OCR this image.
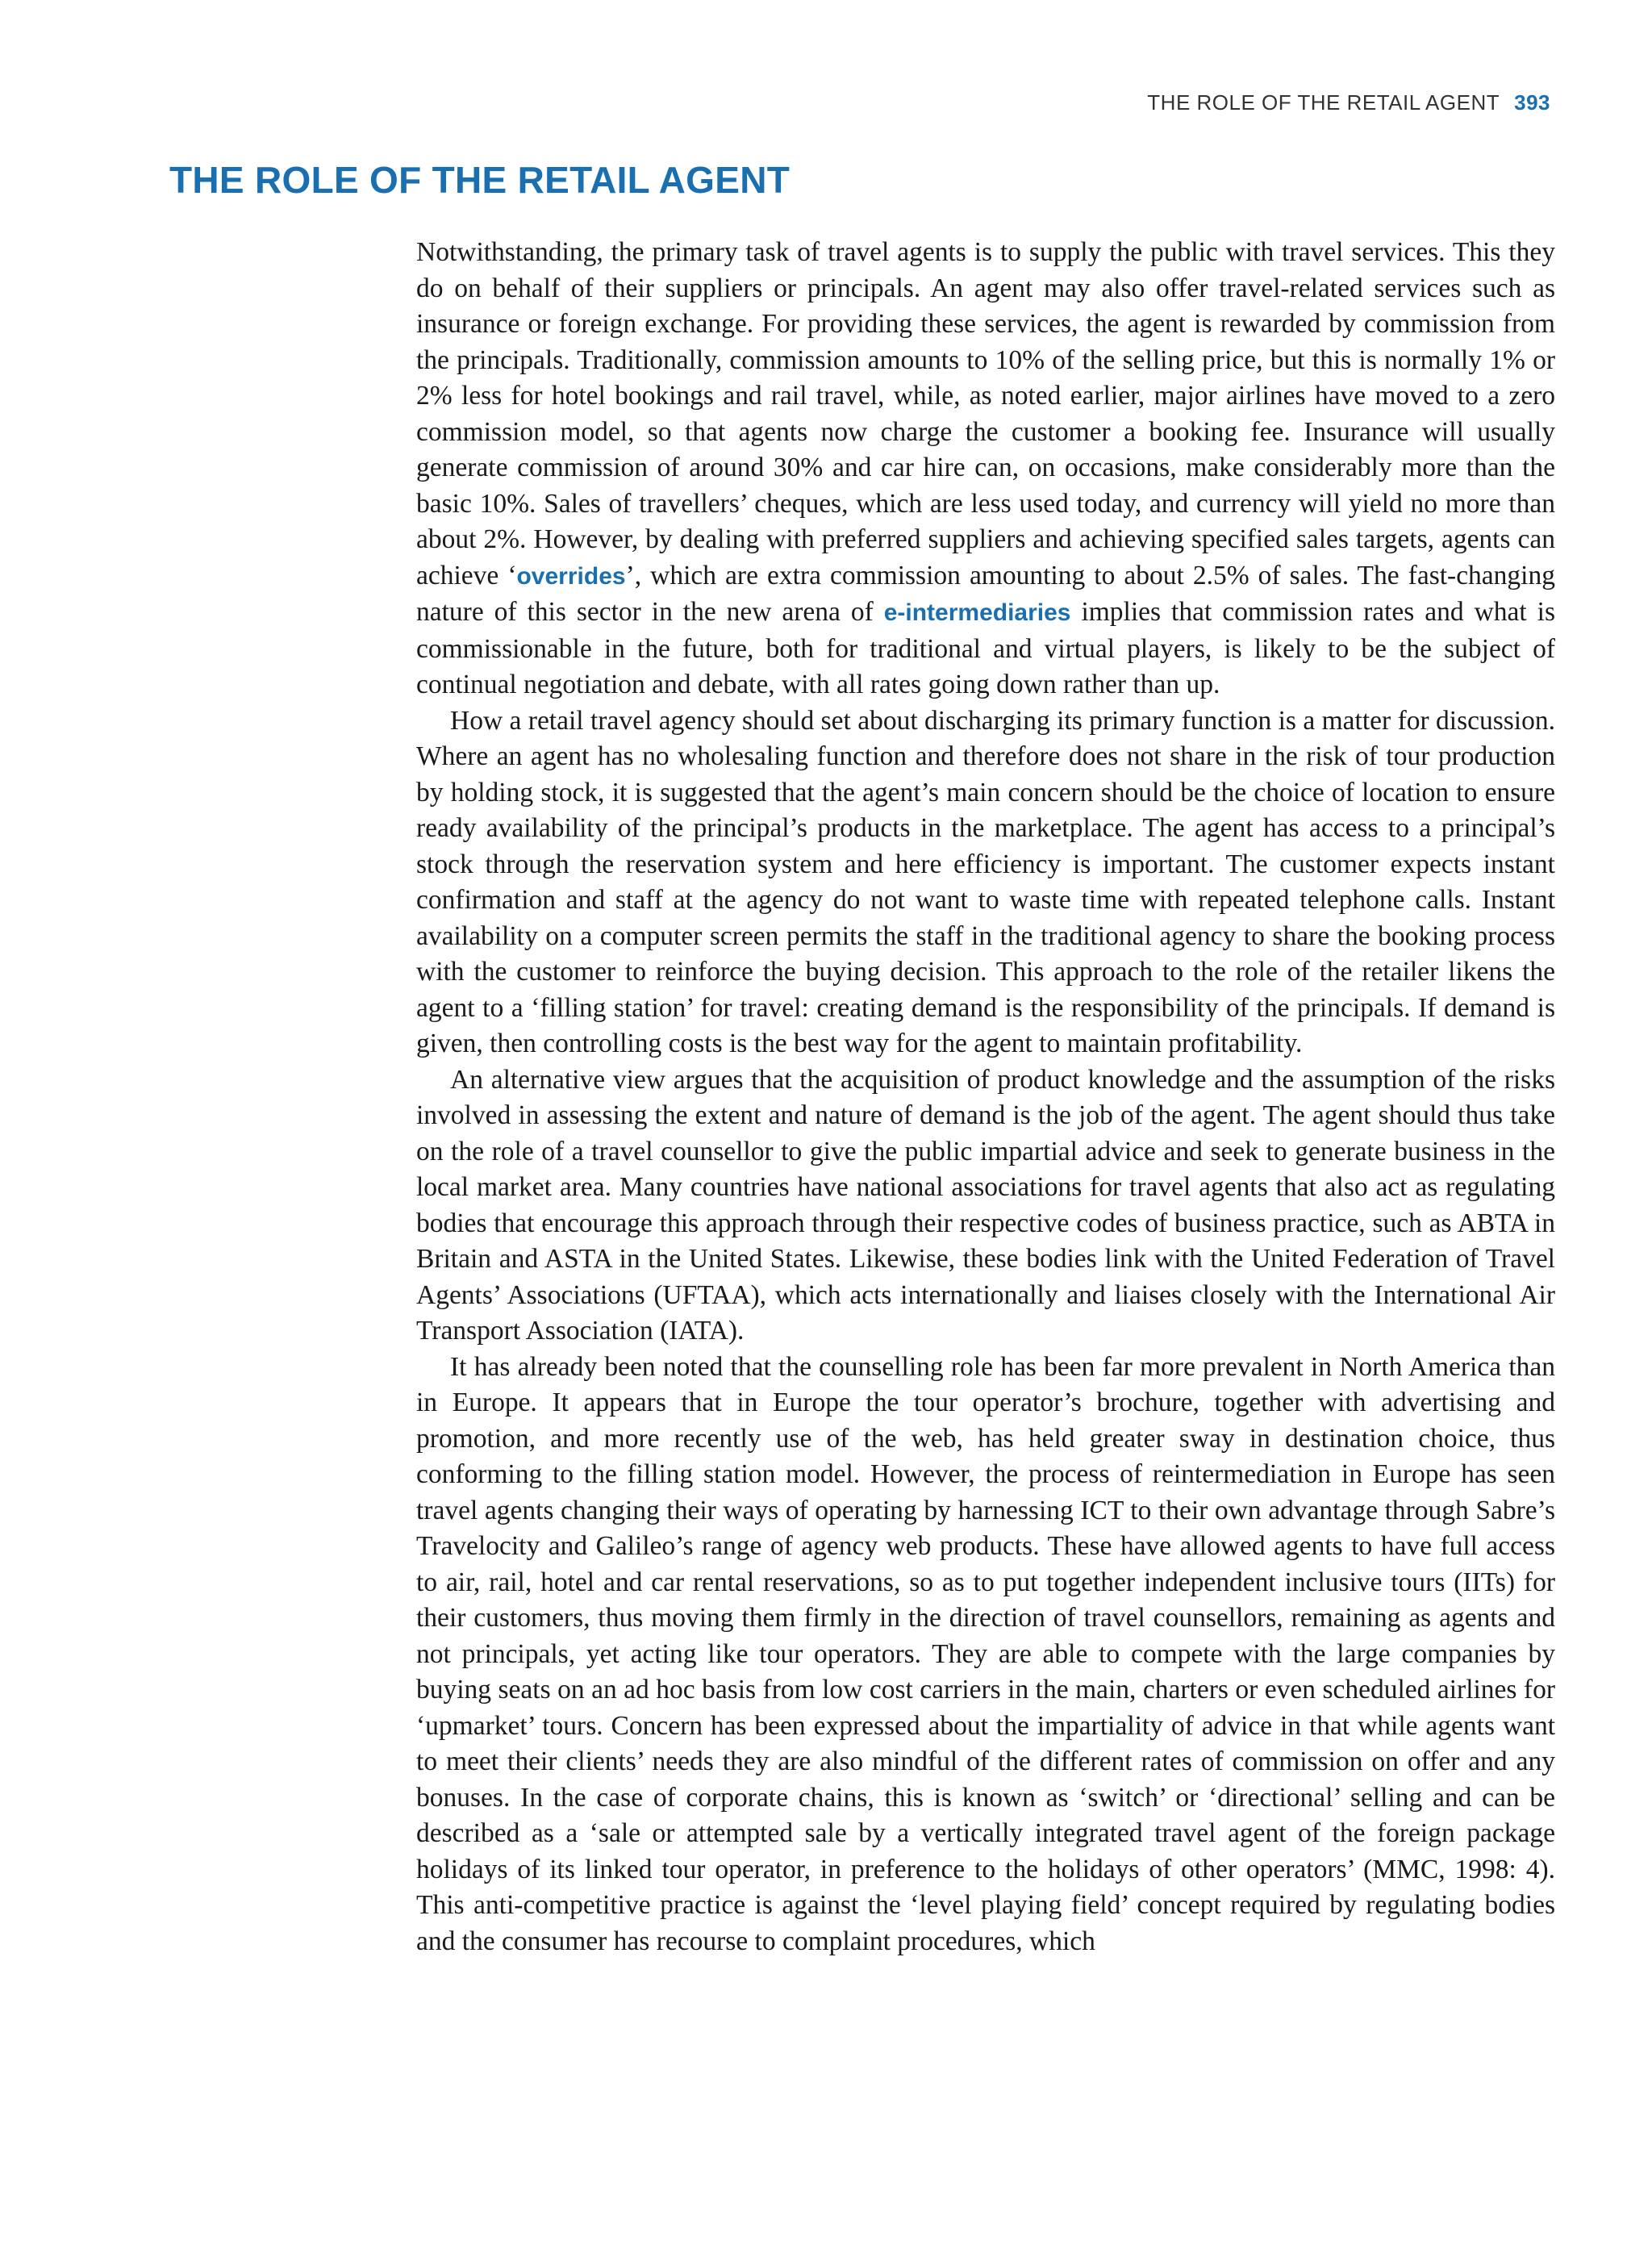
THE ROLE OF THE RETAIL AGENT 393
THE ROLE OF THE RETAIL AGENT

Notwithstanding, the primary task of travel agents is to supply the public with travel services. This they do on behalf of their suppliers or principals. An agent may also offer travel-related services such as insurance or foreign exchange. For providing these services, the agent is rewarded by commission from the principals. Traditionally, commission amounts to 10% of the selling price, but this is normally 1% or 2% less for hotel bookings and rail travel, while, as noted earlier, major airlines have moved to a zero commission model, so that agents now charge the customer a booking fee. Insurance will usually generate commission of around 30% and car hire can, on occasions, make considerably more than the basic 10%. Sales of travellers’ cheques, which are less used today, and currency will yield no more than about 2%. However, by dealing with preferred suppliers and achieving specified sales targets, agents can achieve ‘overrides’, which are extra commission amounting to about 2.5% of sales. The fast-changing nature of this sector in the new arena of e-intermediaries implies that commission rates and what is commissionable in the future, both for traditional and virtual players, is likely to be the subject of continual negotiation and debate, with all rates going down rather than up.

How a retail travel agency should set about discharging its primary function is a matter for discussion. Where an agent has no wholesaling function and therefore does not share in the risk of tour production by holding stock, it is suggested that the agent’s main concern should be the choice of location to ensure ready availability of the principal’s products in the marketplace. The agent has access to a principal’s stock through the reservation system and here efficiency is important. The customer expects instant confirmation and staff at the agency do not want to waste time with repeated telephone calls. Instant availability on a computer screen permits the staff in the traditional agency to share the booking process with the customer to reinforce the buying decision. This approach to the role of the retailer likens the agent to a ‘filling station’ for travel: creating demand is the responsibility of the principals. If demand is given, then controlling costs is the best way for the agent to maintain profitability.

An alternative view argues that the acquisition of product knowledge and the assumption of the risks involved in assessing the extent and nature of demand is the job of the agent. The agent should thus take on the role of a travel counsellor to give the public impartial advice and seek to generate business in the local market area. Many countries have national associations for travel agents that also act as regulating bodies that encourage this approach through their respective codes of business practice, such as ABTA in Britain and ASTA in the United States. Likewise, these bodies link with the United Federation of Travel Agents’ Associations (UFTAA), which acts internationally and liaises closely with the International Air Transport Association (IATA).

It has already been noted that the counselling role has been far more prevalent in North America than in Europe. It appears that in Europe the tour operator’s brochure, together with advertising and promotion, and more recently use of the web, has held greater sway in destination choice, thus conforming to the filling station model. However, the process of reintermediation in Europe has seen travel agents changing their ways of operating by harnessing ICT to their own advantage through Sabre’s Travelocity and Galileo’s range of agency web products. These have allowed agents to have full access to air, rail, hotel and car rental reservations, so as to put together independent inclusive tours (IITs) for their customers, thus moving them firmly in the direction of travel counsellors, remaining as agents and not principals, yet acting like tour operators. They are able to compete with the large companies by buying seats on an ad hoc basis from low cost carriers in the main, charters or even scheduled airlines for ‘upmarket’ tours. Concern has been expressed about the impartiality of advice in that while agents want to meet their clients’ needs they are also mindful of the different rates of commission on offer and any bonuses. In the case of corporate chains, this is known as ‘switch’ or ‘directional’ selling and can be described as a ‘sale or attempted sale by a vertically integrated travel agent of the foreign package holidays of its linked tour operator, in preference to the holidays of other operators’ (MMC, 1998: 4). This anti-competitive practice is against the ‘level playing field’ concept required by regulating bodies and the consumer has recourse to complaint procedures, which
